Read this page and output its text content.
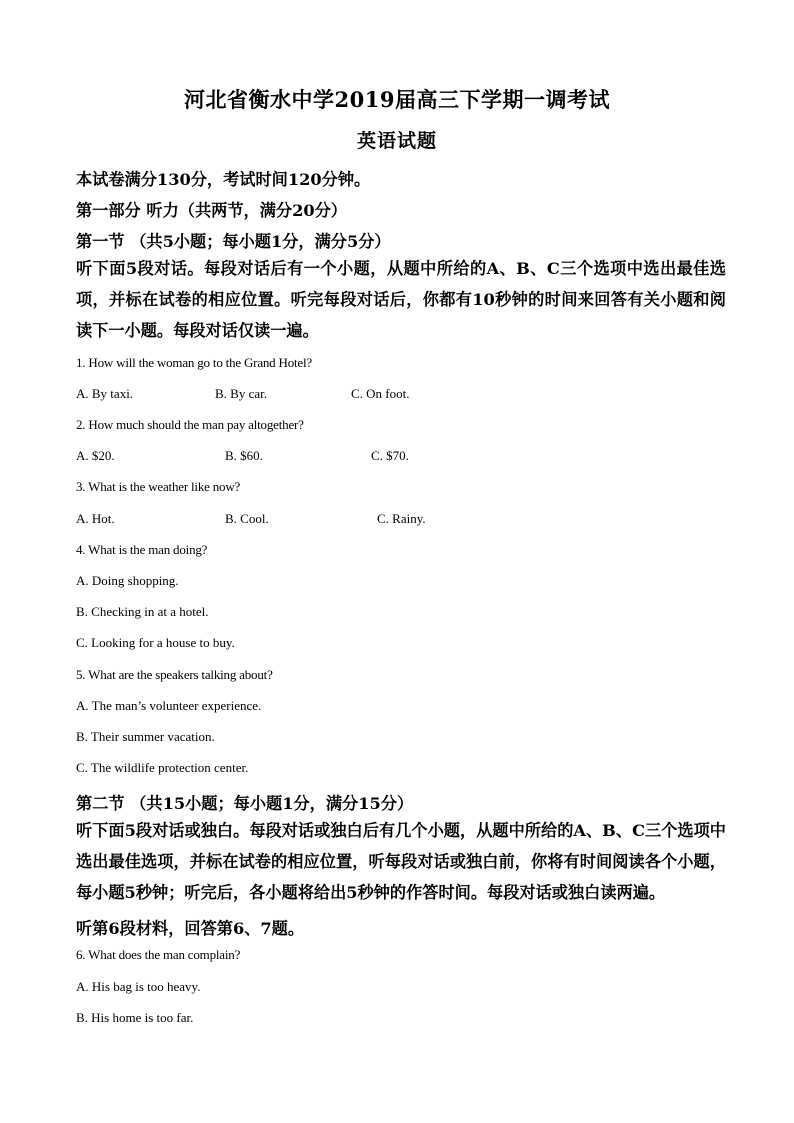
河北省衡水中学2019届高三下学期一调考试
英语试题
本试卷满分130分，考试时间120分钟。
第一部分 听力（共两节，满分20分）
第一节 （共5小题；每小题1分，满分5分）
听下面5段对话。每段对话后有一个小题，从题中所给的A、B、C三个选项中选出最佳选项，并标在试卷的相应位置。听完每段对话后，你都有10秒钟的时间来回答有关小题和阅读下一小题。每段对话仅读一遍。
1. How will the woman go to the Grand Hotel?
A. By taxi.	B. By car.	C. On foot.
2. How much should the man pay altogether?
A. $20.	B. $60.	C. $70.
3. What is the weather like now?
A. Hot.	B. Cool.	C. Rainy.
4. What is the man doing?
A. Doing shopping.
B. Checking in at a hotel.
C. Looking for a house to buy.
5. What are the speakers talking about?
A. The man’s volunteer experience.
B. Their summer vacation.
C. The wildlife protection center.
第二节 （共15小题；每小题1分，满分15分）
听下面5段对话或独白。每段对话或独白后有几个小题，从题中所给的A、B、C三个选项中选出最佳选项，并标在试卷的相应位置，听每段对话或独白前，你将有时间阅读各个小题，每小题5秒钟；听完后，各小题将给出5秒钟的作答时间。每段对话或独白读两遍。
听第6段材料，回答第6、7题。
6. What does the man complain?
A. His bag is too heavy.
B. His home is too far.
